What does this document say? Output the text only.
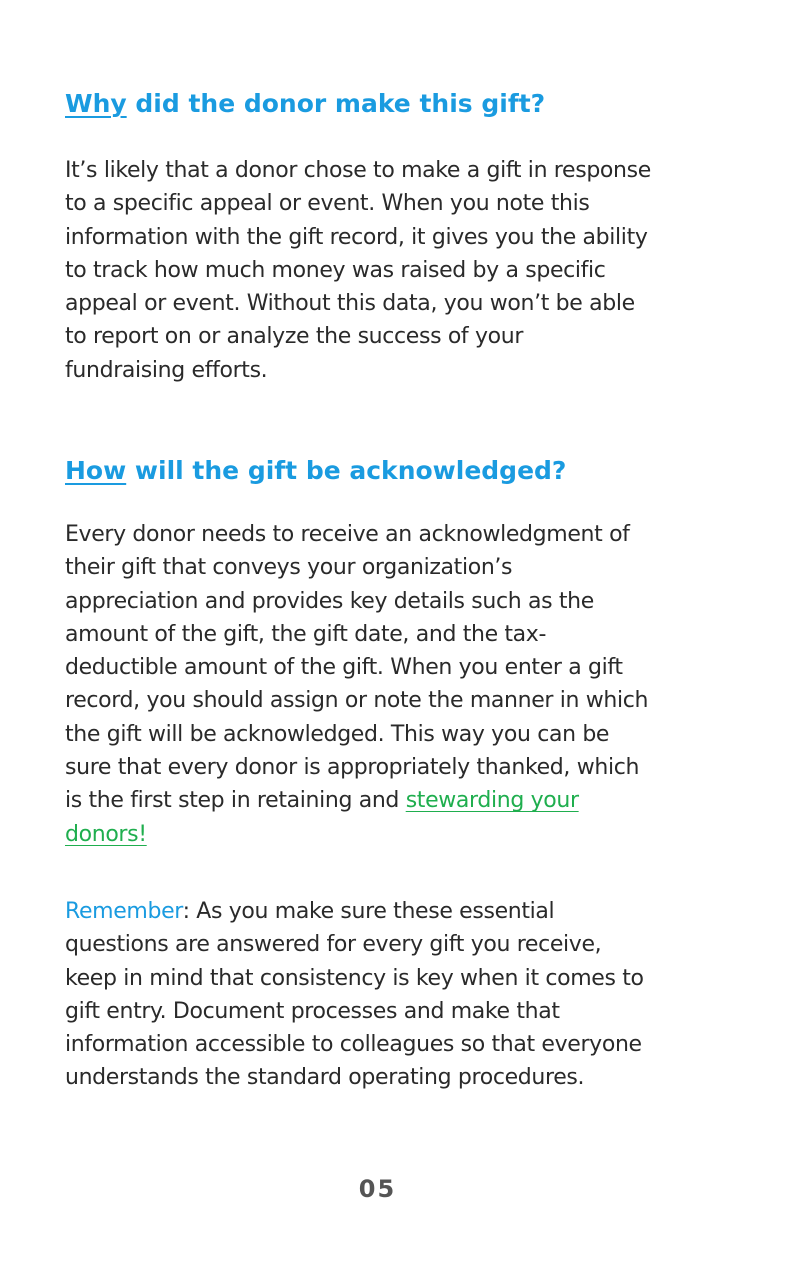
Why did the donor make this gift?
It’s likely that a donor chose to make a gift in response
to a specific appeal or event. When you note this
information with the gift record, it gives you the ability
to track how much money was raised by a specific
appeal or event. Without this data, you won’t be able
to report on or analyze the success of your
fundraising efforts.
How will the gift be acknowledged?
Every donor needs to receive an acknowledgment of
their gift that conveys your organization’s
appreciation and provides key details such as the
amount of the gift, the gift date, and the tax-
deductible amount of the gift. When you enter a gift
record, you should assign or note the manner in which
the gift will be acknowledged. This way you can be
sure that every donor is appropriately thanked, which
is the first step in retaining and stewarding your
donors!
Remember: As you make sure these essential
questions are answered for every gift you receive,
keep in mind that consistency is key when it comes to
gift entry. Document processes and make that
information accessible to colleagues so that everyone
understands the standard operating procedures.
05
